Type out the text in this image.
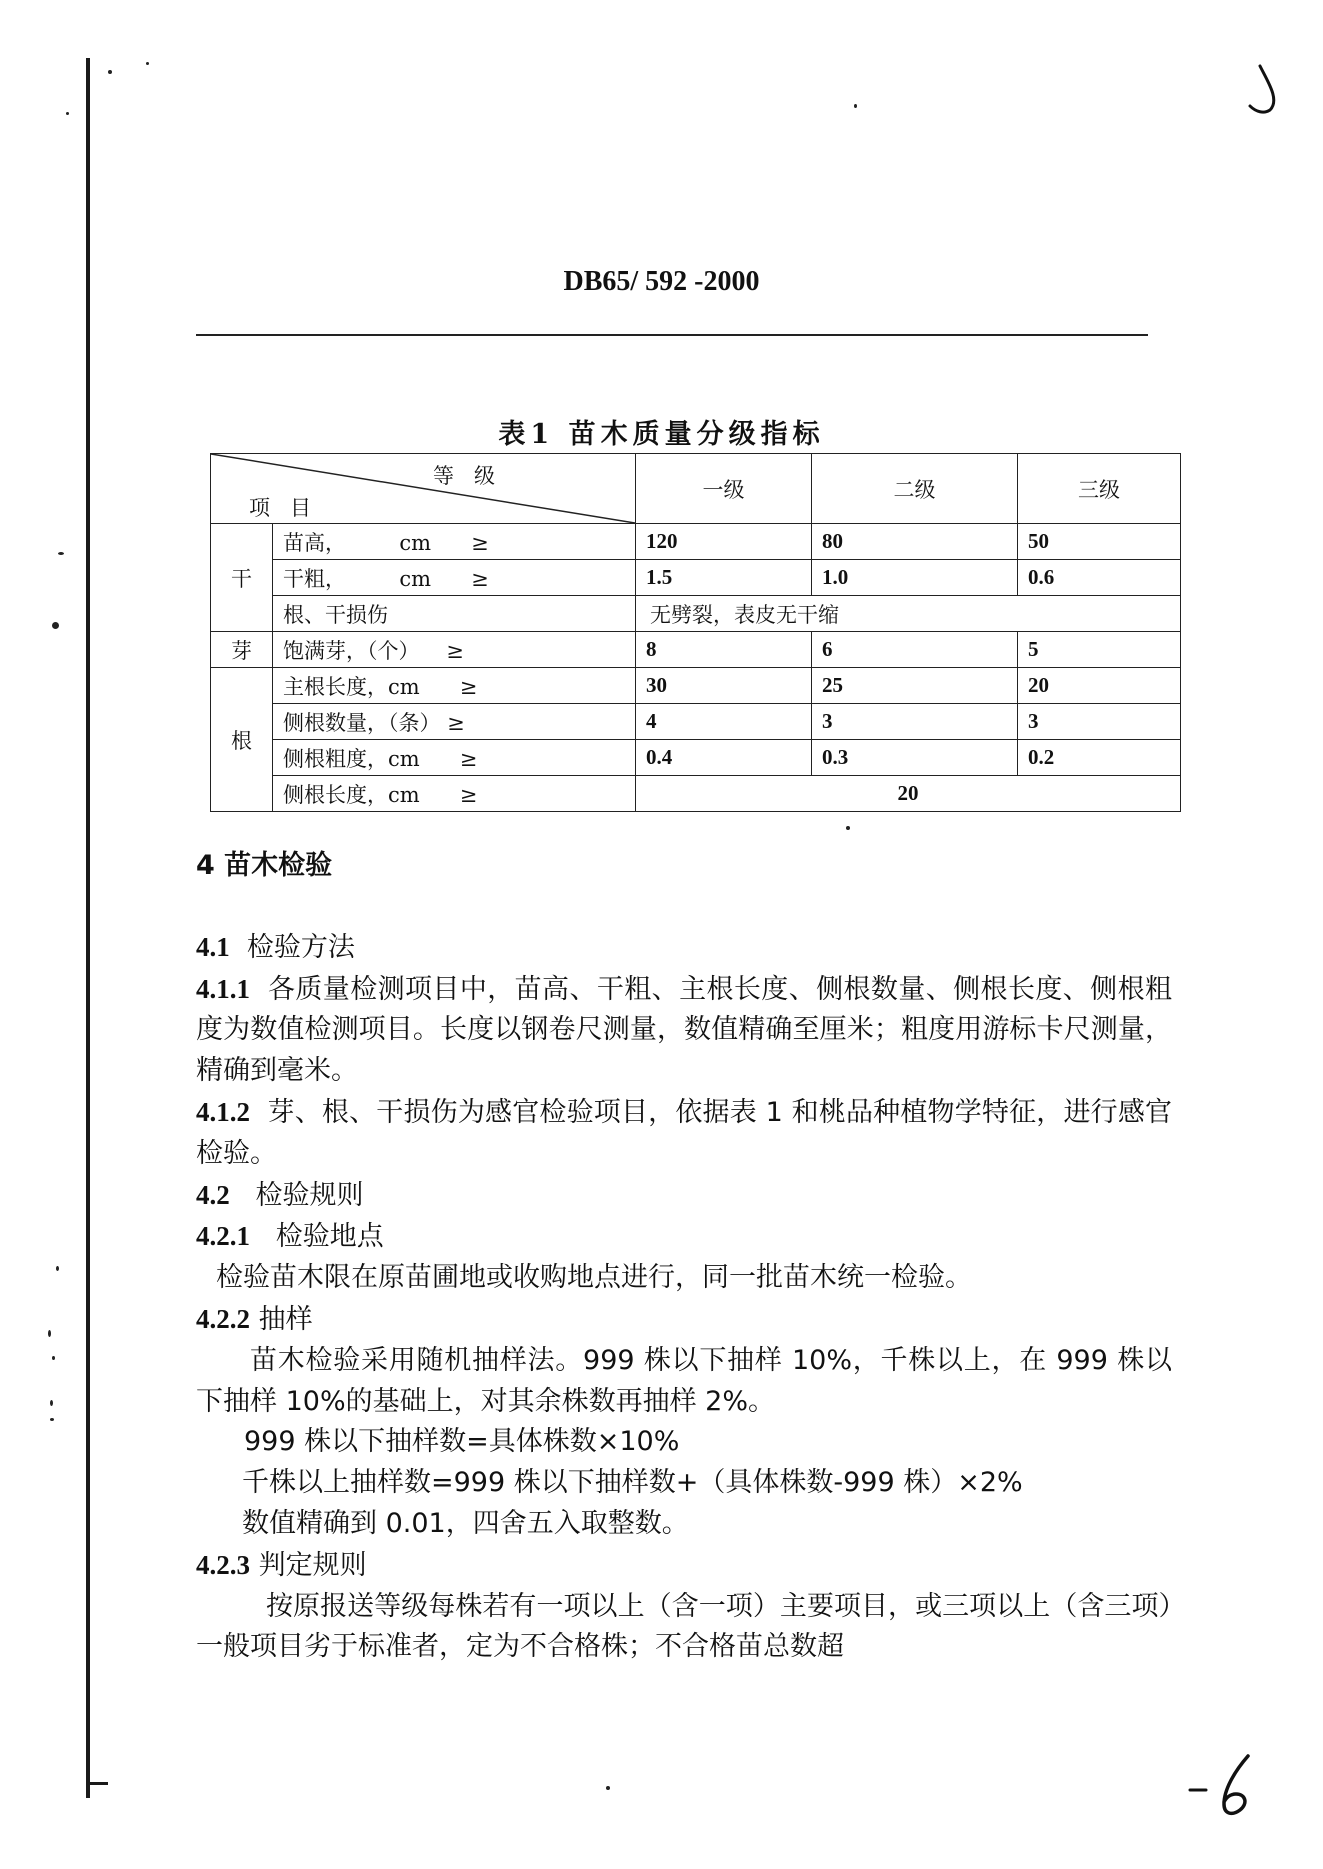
DB65/ 592 -2000
表1 苗木质量分级指标
等级
项目		一级	二级	三级
干	苗高，        cm      ≥	120	80	50
	干粗，        cm      ≥	1.5	1.0	0.6
	根、干损伤	无劈裂，表皮无干缩		
芽	饱满芽，（个）    ≥	8	6	5
根	主根长度，cm      ≥	30	25	20
	侧根数量，（条） ≥	4	3	3
	侧根粗度，cm      ≥	0.4	0.3	0.2
	侧根长度，cm      ≥	20		

4 苗木检验

4.1 检验方法

4.1.1 各质量检测项目中，苗高、干粗、主根长度、侧根数量、侧根长度、侧根粗度为数值检测项目。长度以钢卷尺测量，数值精确至厘米；粗度用游标卡尺测量，精确到毫米。

4.1.2 芽、根、干损伤为感官检验项目，依据表 1 和桃品种植物学特征，进行感官检验。

4.2 检验规则

4.2.1 检验地点

检验苗木限在原苗圃地或收购地点进行，同一批苗木统一检验。

4.2.2 抽样

苗木检验采用随机抽样法。999 株以下抽样 10%，千株以上，在 999 株以下抽样 10%的基础上，对其余株数再抽样 2%。

999 株以下抽样数=具体株数×10%

千株以上抽样数=999 株以下抽样数+（具体株数-999 株）×2%

数值精确到 0.01，四舍五入取整数。

4.2.3 判定规则

按原报送等级每株若有一项以上（含一项）主要项目，或三项以上（含三项）一般项目劣于标准者，定为不合格株；不合格苗总数超
